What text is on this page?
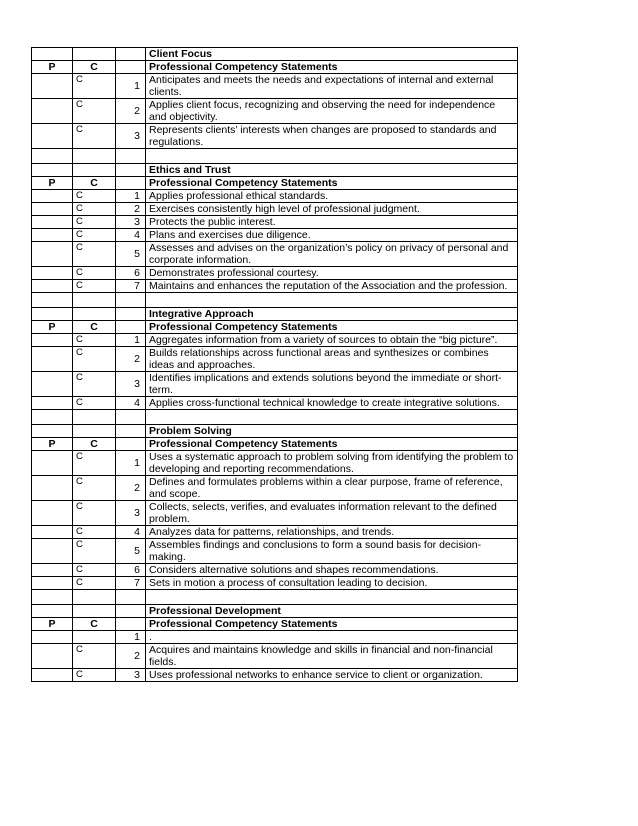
			Client Focus
P	C		Professional Competency Statements
	C	1	Anticipates and meets the needs and expectations of internal and external clients.
	C	2	Applies client focus, recognizing and observing the need for independence and objectivity.
	C	3	Represents clients’ interests when changes are proposed to standards and regulations.

			Ethics and Trust
P	C		Professional Competency Statements
	C	1	Applies professional ethical standards.
	C	2	Exercises consistently high level of professional judgment.
	C	3	Protects the public interest.
	C	4	Plans and exercises due diligence.
	C	5	Assesses and advises on the organization’s policy on privacy of personal and corporate information.
	C	6	Demonstrates professional courtesy.
	C	7	Maintains and enhances the reputation of the Association and the profession.

			Integrative Approach
P	C		Professional Competency Statements
	C	1	Aggregates information from a variety of sources to obtain the “big picture”.
	C	2	Builds relationships across functional areas and synthesizes or combines ideas and approaches.
	C	3	Identifies implications and extends solutions beyond the immediate or short-term.
	C	4	Applies cross-functional technical knowledge to create integrative solutions.

			Problem Solving
P	C		Professional Competency Statements
	C	1	Uses a systematic approach to problem solving from identifying the problem to developing and reporting recommendations.
	C	2	Defines and formulates problems within a clear purpose, frame of reference, and scope.
	C	3	Collects, selects, verifies, and evaluates information relevant to the defined problem.
	C	4	Analyzes data for patterns, relationships, and trends.
	C	5	Assembles findings and conclusions to form a sound basis for decision-making.
	C	6	Considers alternative solutions and shapes recommendations.
	C	7	Sets in motion a process of consultation leading to decision.

			Professional Development
P	C		Professional Competency Statements
		1	.
	C	2	Acquires and maintains knowledge and skills in financial and non-financial fields.
	C	3	Uses professional networks to enhance service to client or organization.
